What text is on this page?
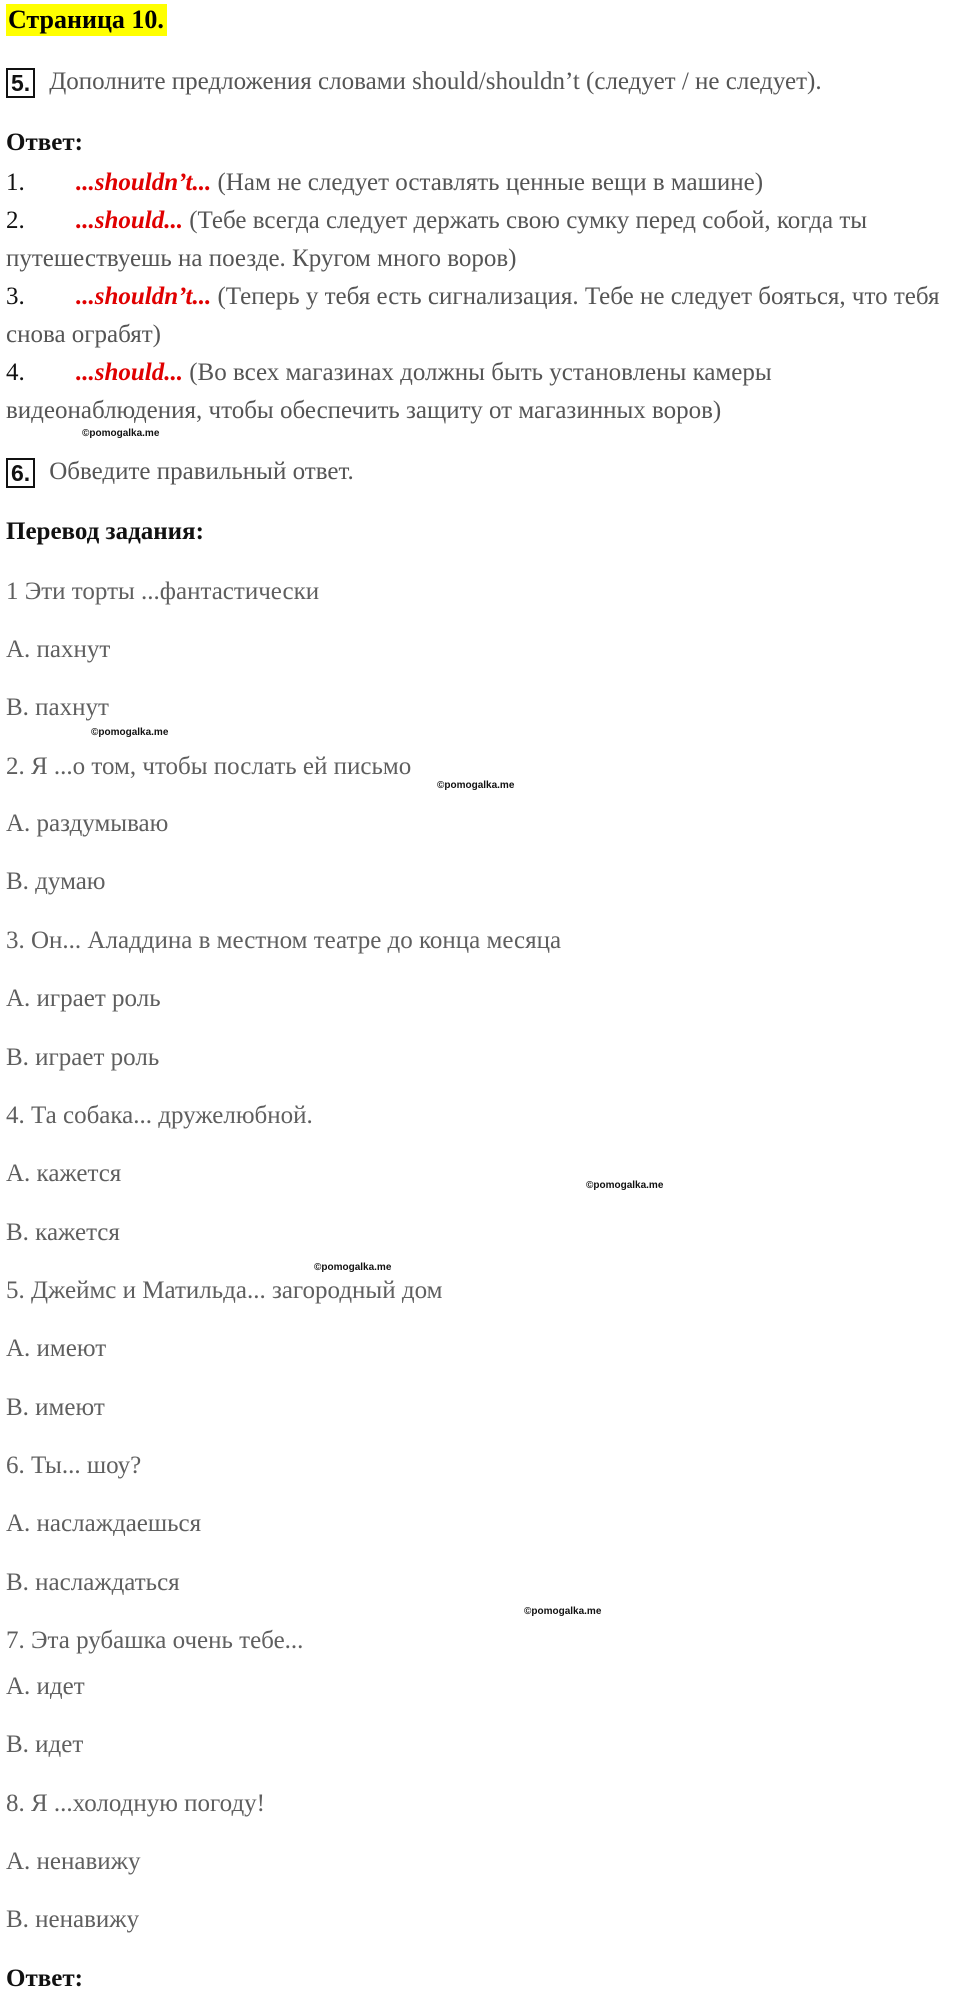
Страница 10.
5. Дополните предложения словами should/shouldn’t (следует / не следует).
Ответ:
1. ...shouldn’t... (Нам не следует оставлять ценные вещи в машине)
2. ...should... (Тебе всегда следует держать свою сумку перед собой, когда ты путешествуешь на поезде. Кругом много воров)
3. ...shouldn’t... (Теперь у тебя есть сигнализация. Тебе не следует бояться, что тебя снова ограбят)
4. ...should... (Во всех магазинах должны быть установлены камеры видеонаблюдения, чтобы обеспечить защиту от магазинных воров)
©pomogalka.me
6. Обведите правильный ответ.
Перевод задания:
1 Эти торты ...фантастически
A. пахнут
B. пахнут
©pomogalka.me
2. Я ...о том, чтобы послать ей письмо
©pomogalka.me
A. раздумываю
B. думаю
3. Он... Аладдина в местном театре до конца месяца
A. играет роль
B. играет роль
4. Та собака... дружелюбной.
A. кажется	©pomogalka.me
B. кажется
©pomogalka.me
5. Джеймс и Матильда... загородный дом
A. имеют
B. имеют
6. Ты... шоу?
A. наслаждаешься
B. наслаждаться
©pomogalka.me
7. Эта рубашка очень тебе...
A. идет
B. идет
8. Я ...холодную погоду!
A. ненавижу
B. ненавижу
Ответ:
